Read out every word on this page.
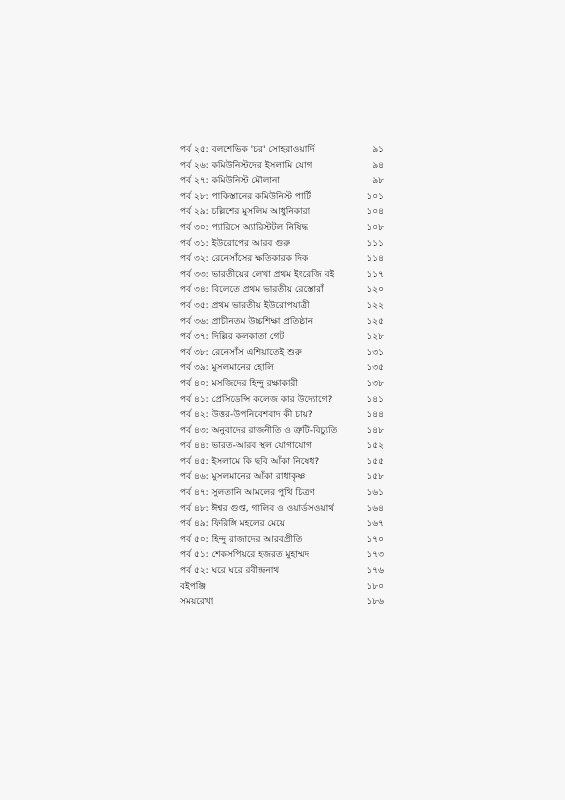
পর্ব ২৫: বলশেভিক 'চর' সোহরাওয়ার্দি	৯১
পর্ব ২৬: কমিউনিস্টদের ইসলামি যোগ	৯৪
পর্ব ২৭: কমিউনিস্ট মৌলানা	৯৮
পর্ব ২৮: পাকিস্তানের কমিউনিস্ট পার্টি	১০১
পর্ব ২৯: চল্লিশের মুসলিম আধুনিকারা	১০৪
পর্ব ৩০: প্যারিসে অ্যারিস্টটল নিষিদ্ধ	১০৮
পর্ব ৩১: ইউরোপের আরব গুরু	১১১
পর্ব ৩২: রেনেসাঁসের ক্ষতিকারক দিক	১১৪
পর্ব ৩৩: ভারতীয়ের লেখা প্রথম ইংরেজি বই	১১৭
পর্ব ৩৪: বিলেতে প্রথম ভারতীয় রেস্তোরাঁ	১২০
পর্ব ৩৫: প্রথম ভারতীয় ইউরোপযাত্রী	১২২
পর্ব ৩৬: প্রাচীনতম উচ্চশিক্ষা প্রতিষ্ঠান	১২৫
পর্ব ৩৭: দিল্লির কলকাতা গেট	১২৮
পর্ব ৩৮: রেনেসাঁস এশিয়াতেই শুরু	১৩১
পর্ব ৩৯: মুসলমানের হোলি	১৩৫
পর্ব ৪০: মসজিদের হিন্দু রক্ষাকারী	১৩৮
পর্ব ৪১: প্রেসিডেন্সি কলেজ কার উদ্যোগে?	১৪১
পর্ব ৪২: উত্তর-উপনিবেশবাদ কী চায়?	১৪৪
পর্ব ৪৩: অনুবাদের রাজনীতি ও ত্রুটি-বিচ্যুতি	১৪৮
পর্ব ৪৪: ভারত-আরব স্থল যোগাযোগ	১৫২
পর্ব ৪৫: ইসলামে কি ছবি আঁকা নিষেধ?	১৫৫
পর্ব ৪৬: মুসলমানের আঁকা রাধাকৃষ্ণ	১৫৮
পর্ব ৪৭: সুলতানি আমলের পুথি চিত্রণ	১৬১
পর্ব ৪৮: ঈশ্বর গুপ্ত, গালিব ও ওয়ার্ডসওয়ার্থ	১৬৪
পর্ব ৪৯: ফিরিঙ্গি মহলের মেয়ে	১৬৭
পর্ব ৫০: হিন্দু রাজাদের আরবপ্রীতি	১৭০
পর্ব ৫১: শেকসপিয়রে হজরত মুহাম্মদ	১৭৩
পর্ব ৫২: ঘরে ঘরে রবীন্দ্রনাথ	১৭৬
বইপঞ্জি	১৮০
সময়রেখা	১৮৬
